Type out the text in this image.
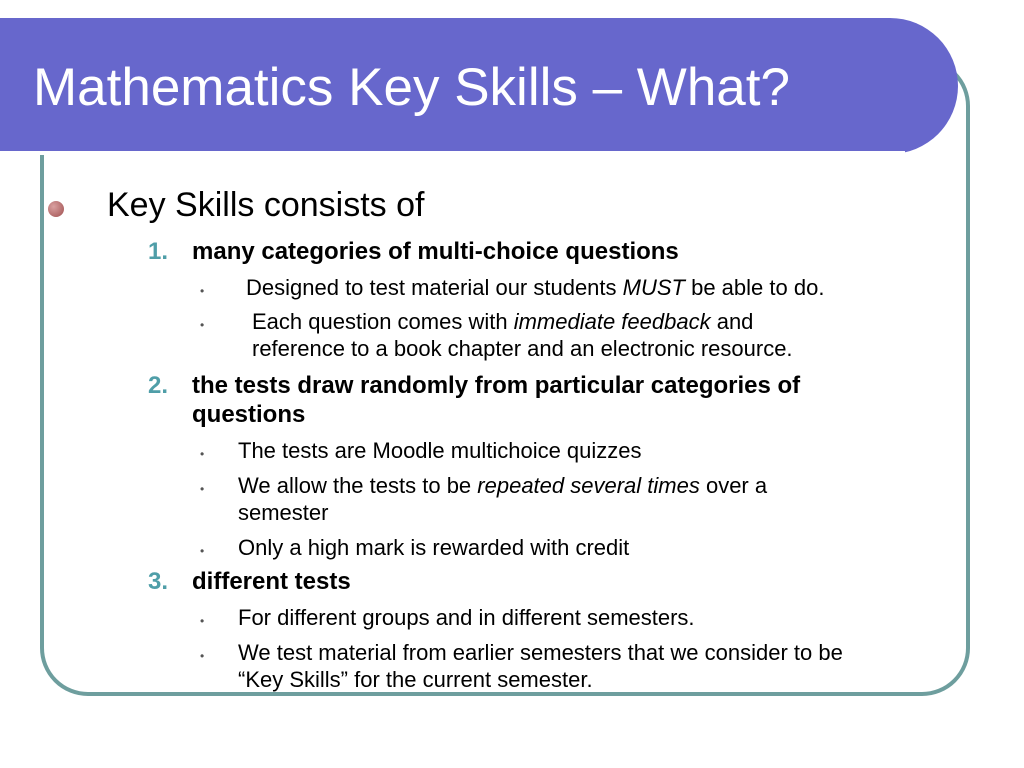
Mathematics Key Skills – What?
Key Skills consists of
1. many categories of multi-choice questions
• Designed to test material our students MUST be able to do.
• Each question comes with immediate feedback and
reference to a book chapter and an electronic resource.
2. the tests draw randomly from particular categories of
questions
• The tests are Moodle multichoice quizzes
• We allow the tests to be repeated several times over a
semester
• Only a high mark is rewarded with credit
3. different tests
• For different groups and in different semesters.
• We test material from earlier semesters that we consider to be
“Key Skills” for the current semester.
